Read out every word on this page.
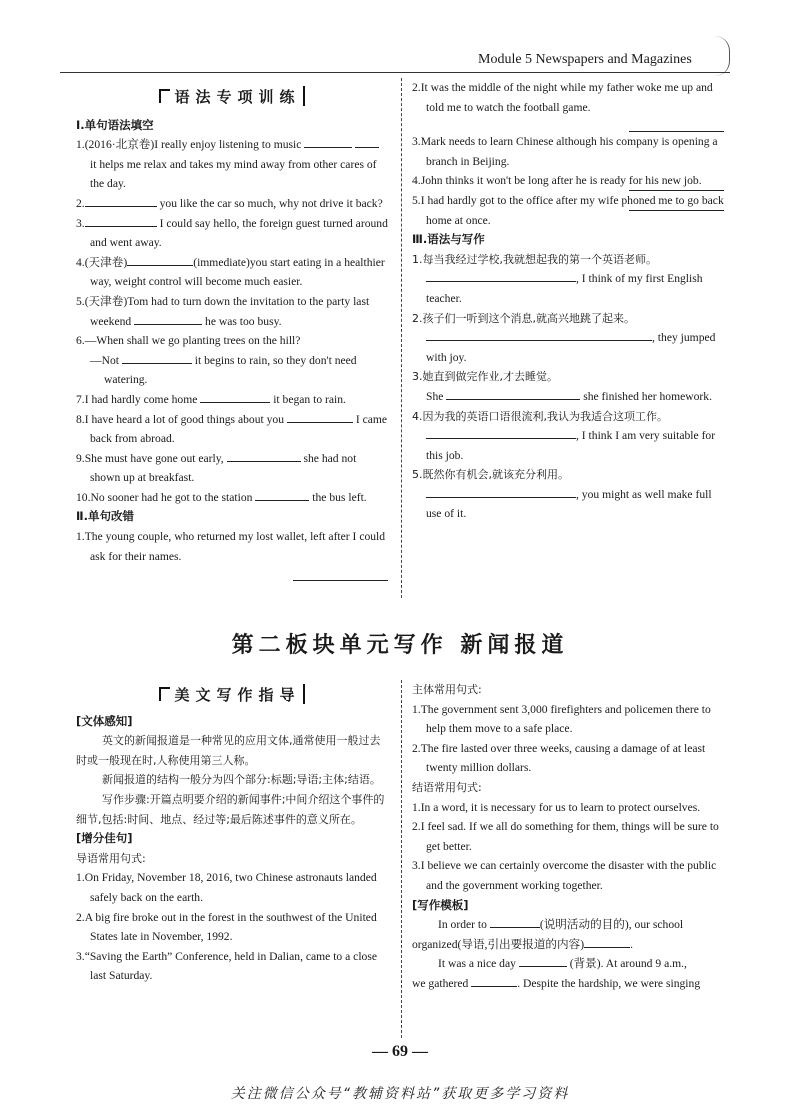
Module 5 Newspapers and Magazines
语法专项训练

Ⅰ.单句语法填空

1.(2016·北京卷)I really enjoy listening to music   it helps me relax and takes my mind away from other cares of the day.

2.	you like the car so much, why not drive it back?

3.	I could say hello, the foreign guest turned around and went away.

4.(天津卷)	(immediate)you start eating in a healthier way, weight control will become much easier.

5.(天津卷)Tom had to turn down the invitation to the party last weekend	he was too busy.

6.—When shall we go planting trees on the hill?

—Not	it begins to rain, so they don't need watering.

7.I had hardly come home	it began to rain.

8.I have heard a lot of good things about you	I came back from abroad.

9.She must have gone out early,	she had not shown up at breakfast.

10.No sooner had he got to the station	the bus left.

Ⅱ.单句改错

1.The young couple, who returned my lost wallet, left after I could ask for their names.

2.It was the middle of the night while my father woke me up and told me to watch the football game.

3.Mark needs to learn Chinese although his company is opening a branch in Beijing.

4.John thinks it won't be long after he is ready for his new job.

5.I had hardly got to the office after my wife phoned me to go back home at once.

Ⅲ.语法与写作

1.每当我经过学校,我就想起我的第一个英语老师。

, I think of my first English teacher.

2.孩子们一听到这个消息,就高兴地跳了起来。

, they jumped with joy.

3.她直到做完作业,才去睡觉。

She	she finished her homework.

4.因为我的英语口语很流利,我认为我适合这项工作。

, I think I am very suitable for this job.

5.既然你有机会,就该充分利用。

, you might as well make full use of it.

第二板块单元写作 新闻报道
美文写作指导

[文体感知]

英文的新闻报道是一种常见的应用文体,通常使用一般过去时或一般现在时,人称使用第三人称。

新闻报道的结构一般分为四个部分:标题;导语;主体;结语。

写作步骤:开篇点明要介绍的新闻事件;中间介绍这个事件的细节,包括:时间、地点、经过等;最后陈述事件的意义所在。

[增分佳句]

导语常用句式:

1.On Friday, November 18, 2016, two Chinese astronauts landed safely back on the earth.

2.A big fire broke out in the forest in the southwest of the United States late in November, 1992.

3.“Saving the Earth” Conference, held in Dalian, came to a close last Saturday.

主体常用句式:

1.The government sent 3,000 firefighters and policemen there to help them move to a safe place.

2.The fire lasted over three weeks, causing a damage of at least twenty million dollars.

结语常用句式:

1.In a word, it is necessary for us to learn to protect ourselves.

2.I feel sad. If we all do something for them, things will be sure to get better.

3.I believe we can certainly overcome the disaster with the public and the government working together.

[写作模板]

In order to	(说明活动的目的), our school organized(导语,引出要报道的内容)	.

It was a nice day	(背景). At around 9 a.m.,

we gathered	. Despite the hardship, we were singing

— 69 —
关注微信公众号“教辅资料站”获取更多学习资料
